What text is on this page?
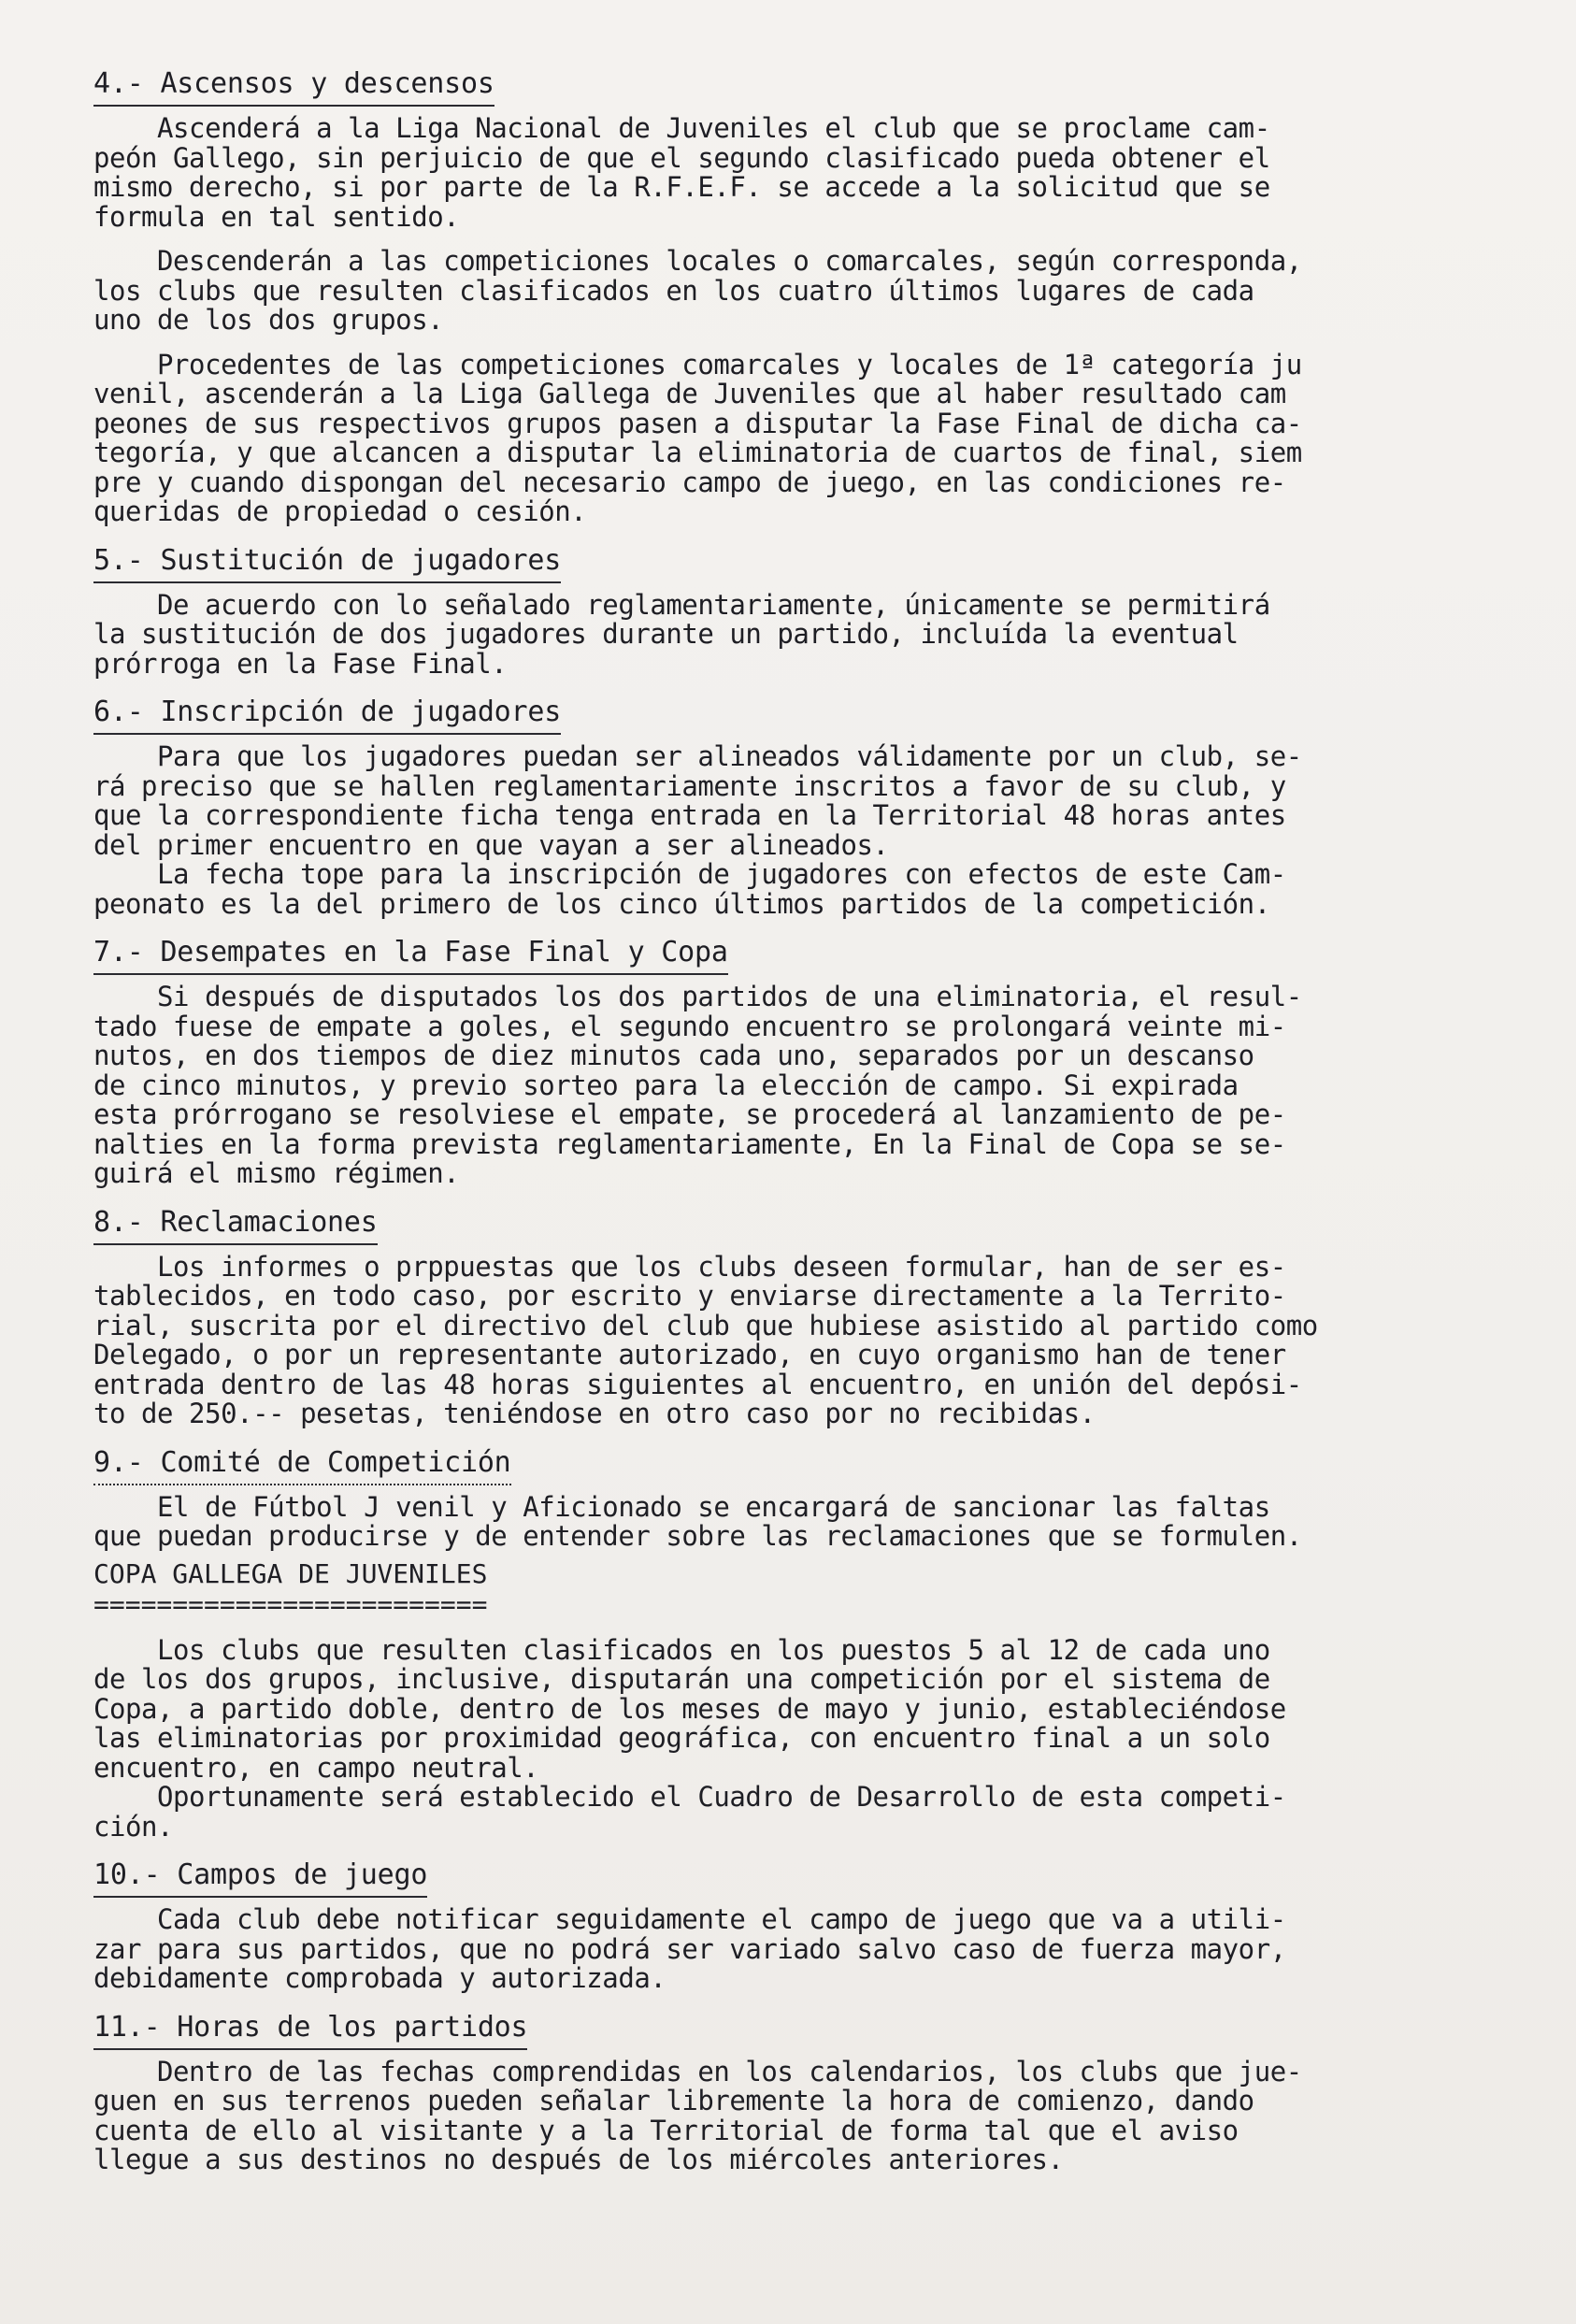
4.- Ascensos y descensos
Ascenderá a la Liga Nacional de Juveniles el club que se proclame cam-
peón Gallego, sin perjuicio de que el segundo clasificado pueda obtener el
mismo derecho, si por parte de la R.F.E.F. se accede a la solicitud que se
formula en tal sentido.
Descenderán a las competiciones locales o comarcales, según corresponda,
los clubs que resulten clasificados en los cuatro últimos lugares de cada
uno de los dos grupos.
Procedentes de las competiciones comarcales y locales de 1ª categoría ju
venil, ascenderán a la Liga Gallega de Juveniles que al haber resultado cam
peones de sus respectivos grupos pasen a disputar la Fase Final de dicha ca-
tegoría, y que alcancen a disputar la eliminatoria de cuartos de final, siem
pre y cuando dispongan del necesario campo de juego, en las condiciones re-
queridas de propiedad o cesión.
5.- Sustitución de jugadores
De acuerdo con lo señalado reglamentariamente, únicamente se permitirá
la sustitución de dos jugadores durante un partido, incluída la eventual
prórroga en la Fase Final.
6.- Inscripción de jugadores
Para que los jugadores puedan ser alineados válidamente por un club, se-
rá preciso que se hallen reglamentariamente inscritos a favor de su club, y
que la correspondiente ficha tenga entrada en la Territorial 48 horas antes
del primer encuentro en que vayan a ser alineados.
La fecha tope para la inscripción de jugadores con efectos de este Cam-
peonato es la del primero de los cinco últimos partidos de la competición.
7.- Desempates en la Fase Final y Copa
Si después de disputados los dos partidos de una eliminatoria, el resul-
tado fuese de empate a goles, el segundo encuentro se prolongará veinte mi-
nutos, en dos tiempos de diez minutos cada uno, separados por un descanso
de cinco minutos, y previo sorteo para la elección de campo. Si expirada
esta prórrogano se resolviese el empate, se procederá al lanzamiento de pe-
nalties en la forma prevista reglamentariamente, En la Final de Copa se se-
guirá el mismo régimen.
8.- Reclamaciones
Los informes o prppuestas que los clubs deseen formular, han de ser es-
tablecidos, en todo caso, por escrito y enviarse directamente a la Territo-
rial, suscrita por el directivo del club que hubiese asistido al partido como
Delegado, o por un representante autorizado, en cuyo organismo han de tener
entrada dentro de las 48 horas siguientes al encuentro, en unión del depósi-
to de 250.-- pesetas, teniéndose en otro caso por no recibidas.
9.- Comité de Competición
El de Fútbol J venil y Aficionado se encargará de sancionar las faltas
que puedan producirse y de entender sobre las reclamaciones que se formulen.
COPA GALLEGA DE JUVENILES
=========================
Los clubs que resulten clasificados en los puestos 5 al 12 de cada uno
de los dos grupos, inclusive, disputarán una competición por el sistema de
Copa, a partido doble, dentro de los meses de mayo y junio, estableciéndose
las eliminatorias por proximidad geográfica, con encuentro final a un solo
encuentro, en campo neutral.
Oportunamente será establecido el Cuadro de Desarrollo de esta competi-
ción.
10.- Campos de juego
Cada club debe notificar seguidamente el campo de juego que va a utili-
zar para sus partidos, que no podrá ser variado salvo caso de fuerza mayor,
debidamente comprobada y autorizada.
11.- Horas de los partidos
Dentro de las fechas comprendidas en los calendarios, los clubs que jue-
guen en sus terrenos pueden señalar libremente la hora de comienzo, dando
cuenta de ello al visitante y a la Territorial de forma tal que el aviso
llegue a sus destinos no después de los miércoles anteriores.
